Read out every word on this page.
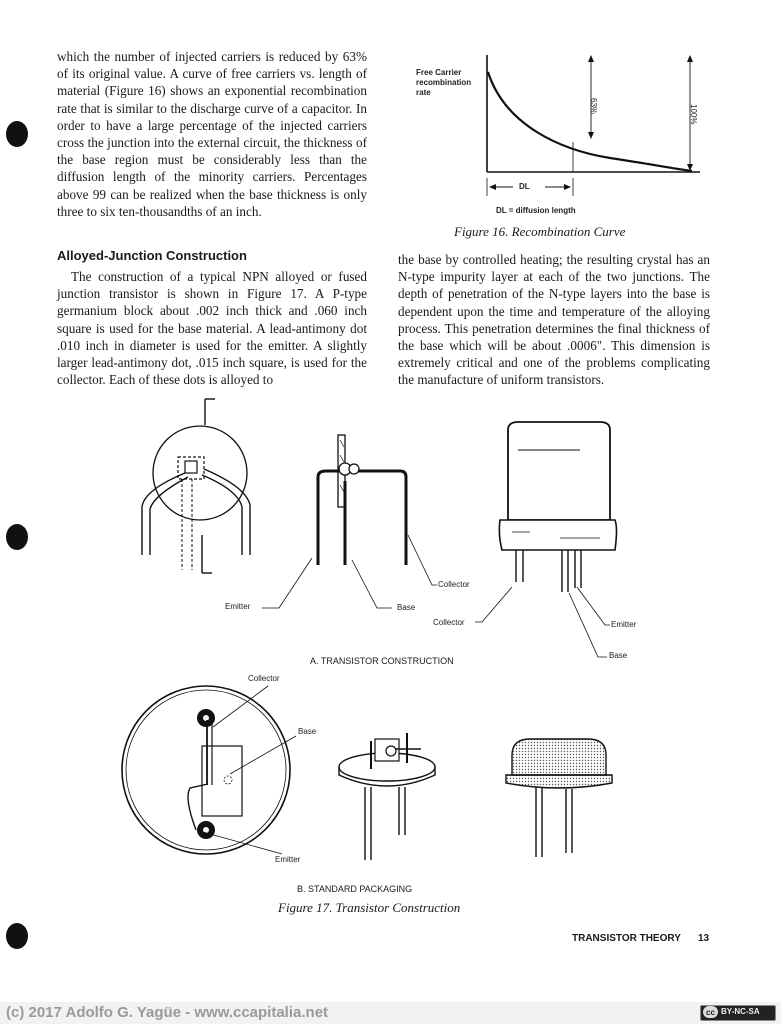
which the number of injected carriers is reduced by 63% of its original value. A curve of free carriers vs. length of material (Figure 16) shows an exponential recombination rate that is similar to the discharge curve of a capacitor. In order to have a large percentage of the injected carriers cross the junction into the external circuit, the thickness of the base region must be considerably less than the diffusion length of the minority carriers. Percentages above 99 can be realized when the base thickness is only three to six ten-thousandths of an inch.
Alloyed-Junction Construction
The construction of a typical NPN alloyed or fused junction transistor is shown in Figure 17. A P-type germanium block about .002 inch thick and .060 inch square is used for the base material. A lead-antimony dot .010 inch in diameter is used for the emitter. A slightly larger lead-antimony dot, .015 inch square, is used for the collector. Each of these dots is alloyed to
the base by controlled heating; the resulting crystal has an N-type impurity layer at each of the two junctions. The depth of penetration of the N-type layers into the base is dependent upon the time and temperature of the alloying process. This penetration determines the final thickness of the base which will be about .0006". This dimension is extremely critical and one of the problems complicating the manufacture of uniform transistors.
Free Carrier
recombination
rate
63%	100%
DL
DL = diffusion length
Figure 16. Recombination Curve
Emitter	Base
Collector
Collector	Emitter
Base
A. TRANSISTOR CONSTRUCTION
Collector
Base
Emitter
B. STANDARD PACKAGING
Figure 17. Transistor Construction
TRANSISTOR THEORY 13
(c) 2017 Adolfo G. Yagüe - www.ccapitalia.net	cc BY-NC-SA
